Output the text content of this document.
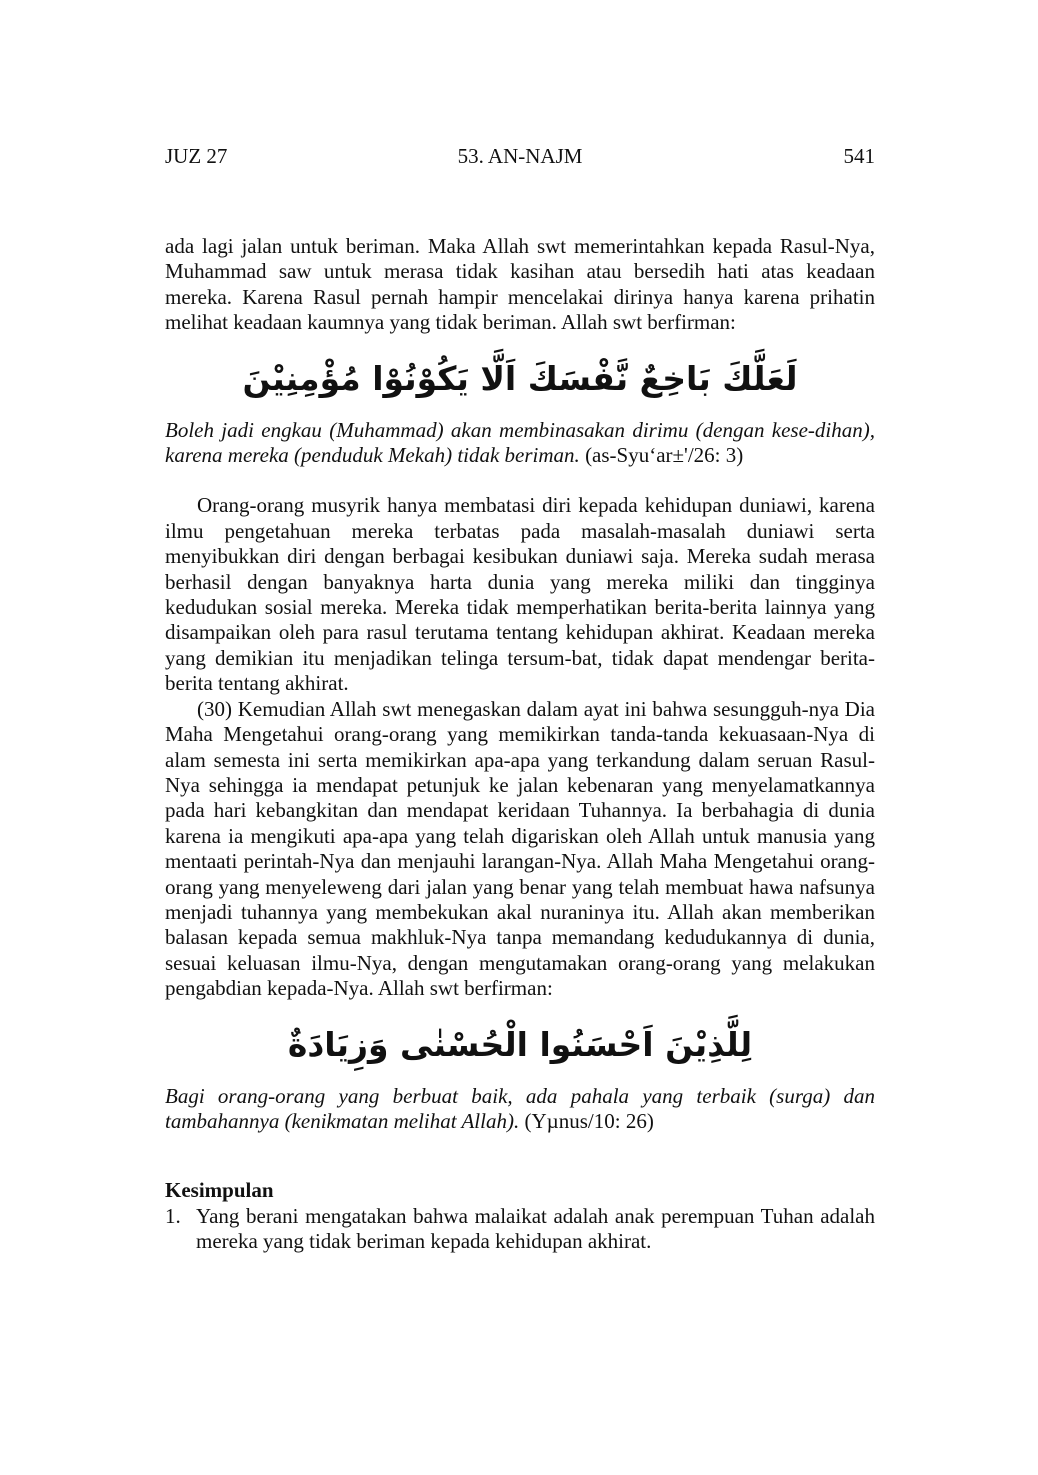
JUZ 27	53. AN-NAJM	541

ada lagi jalan untuk beriman. Maka Allah swt memerintahkan kepada Rasul-Nya, Muhammad saw untuk merasa tidak kasihan atau bersedih hati atas keadaan mereka. Karena Rasul pernah hampir mencelakai dirinya hanya karena prihatin melihat keadaan kaumnya yang tidak beriman. Allah swt berfirman:

لَعَلَّكَ بَاخِعٌ نَّفْسَكَ اَلَّا يَكُوْنُوْا مُؤْمِنِيْنَ

Boleh jadi engkau (Muhammad) akan membinasakan dirimu (dengan kese-dihan), karena mereka (penduduk Mekah) tidak beriman. (as-Syu‘ar±'/26: 3)

Orang-orang musyrik hanya membatasi diri kepada kehidupan duniawi, karena ilmu pengetahuan mereka terbatas pada masalah-masalah duniawi serta menyibukkan diri dengan berbagai kesibukan duniawi saja. Mereka sudah merasa berhasil dengan banyaknya harta dunia yang mereka miliki dan tingginya kedudukan sosial mereka. Mereka tidak memperhatikan berita-berita lainnya yang disampaikan oleh para rasul terutama tentang kehidupan akhirat. Keadaan mereka yang demikian itu menjadikan telinga tersum-bat, tidak dapat mendengar berita-berita tentang akhirat.

(30) Kemudian Allah swt menegaskan dalam ayat ini bahwa sesungguh-nya Dia Maha Mengetahui orang-orang yang memikirkan tanda-tanda kekuasaan-Nya di alam semesta ini serta memikirkan apa-apa yang terkandung dalam seruan Rasul-Nya sehingga ia mendapat petunjuk ke jalan kebenaran yang menyelamatkannya pada hari kebangkitan dan mendapat keridaan Tuhannya. Ia berbahagia di dunia karena ia mengikuti apa-apa yang telah digariskan oleh Allah untuk manusia yang mentaati perintah-Nya dan menjauhi larangan-Nya. Allah Maha Mengetahui orang-orang yang menyeleweng dari jalan yang benar yang telah membuat hawa nafsunya menjadi tuhannya yang membekukan akal nuraninya itu. Allah akan memberikan balasan kepada semua makhluk-Nya tanpa memandang kedudukannya di dunia, sesuai keluasan ilmu-Nya, dengan mengutamakan orang-orang yang melakukan pengabdian kepada-Nya. Allah swt berfirman:

لِلَّذِيْنَ اَحْسَنُوا الْحُسْنٰى وَزِيَادَةٌ

Bagi orang-orang yang berbuat baik, ada pahala yang terbaik (surga) dan tambahannya (kenikmatan melihat Allah). (Yµnus/10: 26)

Kesimpulan

1. Yang berani mengatakan bahwa malaikat adalah anak perempuan Tuhan adalah mereka yang tidak beriman kepada kehidupan akhirat.
